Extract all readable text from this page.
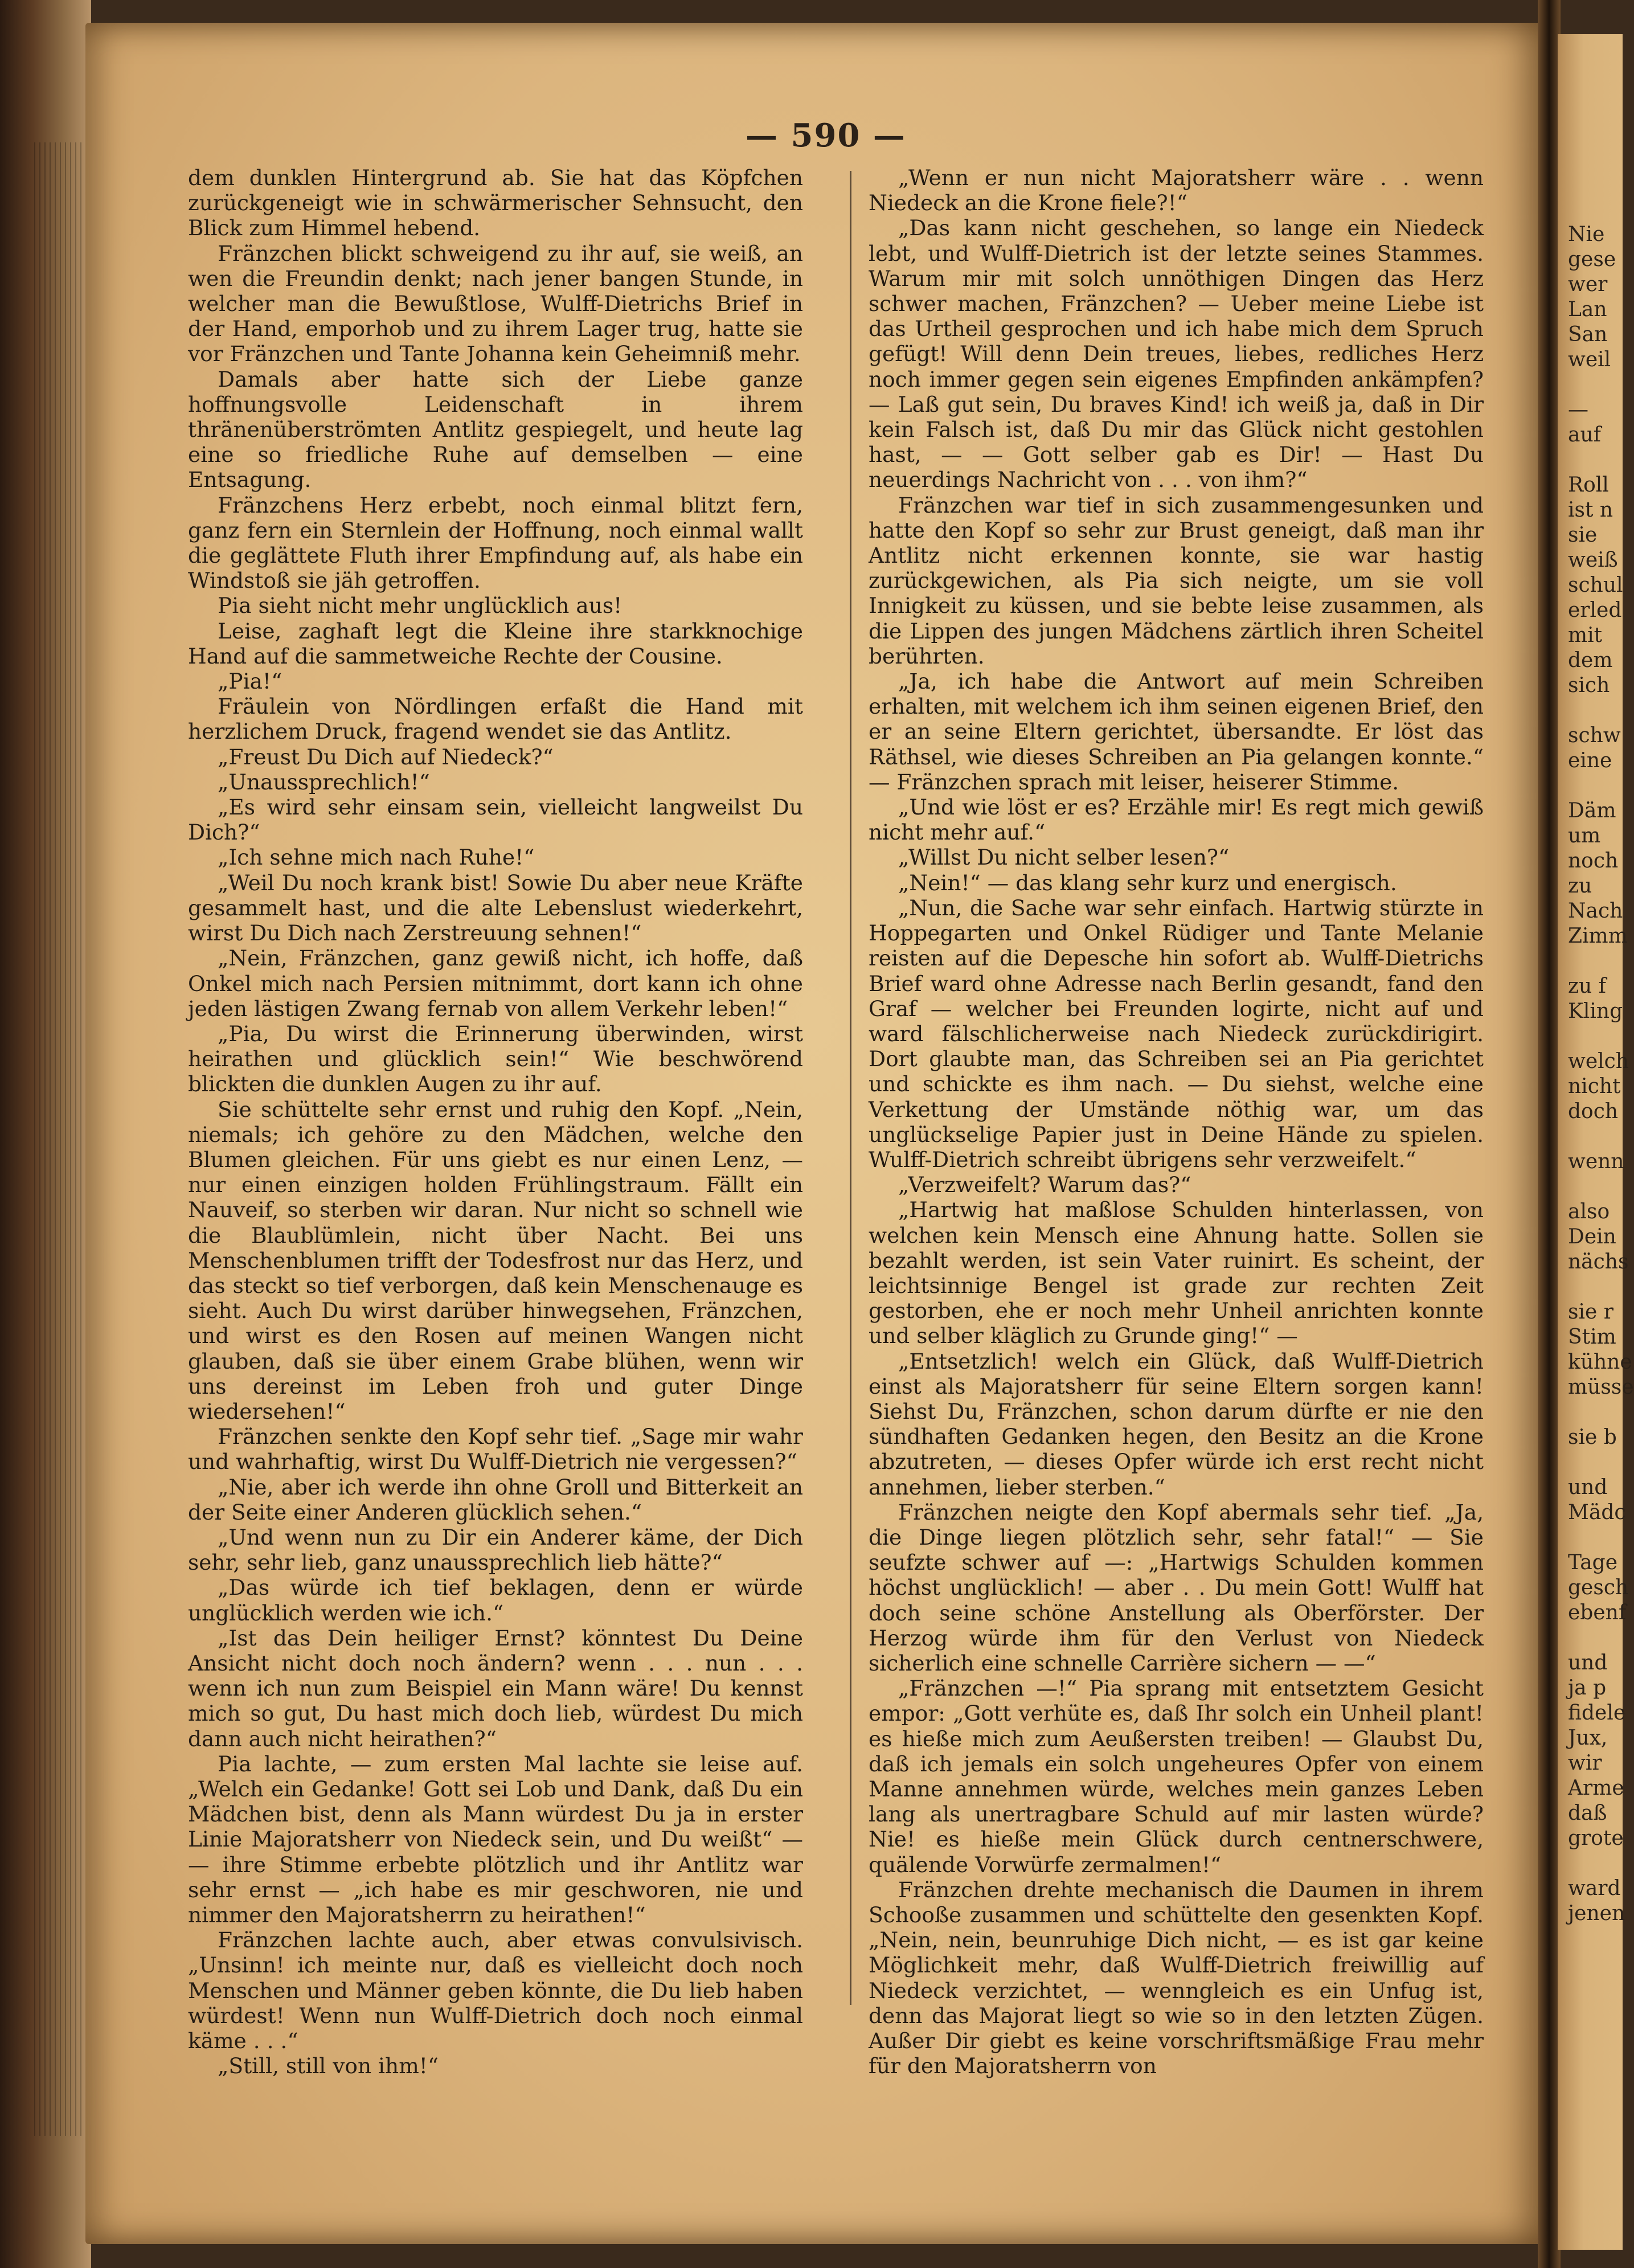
— 590 —

dem dunklen Hintergrund ab. Sie hat das Köpfchen zurückgeneigt wie in schwärmerischer Sehnsucht, den Blick zum Himmel hebend.

Fränzchen blickt schweigend zu ihr auf, sie weiß, an wen die Freundin denkt; nach jener bangen Stunde, in welcher man die Bewußtlose, Wulff-Dietrichs Brief in der Hand, emporhob und zu ihrem Lager trug, hatte sie vor Fränzchen und Tante Johanna kein Geheimniß mehr.

Damals aber hatte sich der Liebe ganze hoffnungsvolle Leidenschaft in ihrem thränenüberströmten Antlitz gespiegelt, und heute lag eine so friedliche Ruhe auf demselben — eine Entsagung.

Fränzchens Herz erbebt, noch einmal blitzt fern, ganz fern ein Sternlein der Hoffnung, noch einmal wallt die geglättete Fluth ihrer Empfindung auf, als habe ein Windstoß sie jäh getroffen.

Pia sieht nicht mehr unglücklich aus!

Leise, zaghaft legt die Kleine ihre starkknochige Hand auf die sammetweiche Rechte der Cousine.

„Pia!“

Fräulein von Nördlingen erfaßt die Hand mit herzlichem Druck, fragend wendet sie das Antlitz.

„Freust Du Dich auf Niedeck?“

„Unaussprechlich!“

„Es wird sehr einsam sein, vielleicht langweilst Du Dich?“

„Ich sehne mich nach Ruhe!“

„Weil Du noch krank bist! Sowie Du aber neue Kräfte gesammelt hast, und die alte Lebenslust wiederkehrt, wirst Du Dich nach Zerstreuung sehnen!“

„Nein, Fränzchen, ganz gewiß nicht, ich hoffe, daß Onkel mich nach Persien mitnimmt, dort kann ich ohne jeden lästigen Zwang fernab von allem Verkehr leben!“

„Pia, Du wirst die Erinnerung überwinden, wirst heirathen und glücklich sein!“ Wie beschwörend blickten die dunklen Augen zu ihr auf.

Sie schüttelte sehr ernst und ruhig den Kopf. „Nein, niemals; ich gehöre zu den Mädchen, welche den Blumen gleichen. Für uns giebt es nur einen Lenz, — nur einen einzigen holden Frühlingstraum. Fällt ein Nauveif, so sterben wir daran. Nur nicht so schnell wie die Blaublümlein, nicht über Nacht. Bei uns Menschenblumen trifft der Todesfrost nur das Herz, und das steckt so tief verborgen, daß kein Menschenauge es sieht. Auch Du wirst darüber hinwegsehen, Fränzchen, und wirst es den Rosen auf meinen Wangen nicht glauben, daß sie über einem Grabe blühen, wenn wir uns dereinst im Leben froh und guter Dinge wiedersehen!“

Fränzchen senkte den Kopf sehr tief. „Sage mir wahr und wahrhaftig, wirst Du Wulff-Dietrich nie vergessen?“

„Nie, aber ich werde ihn ohne Groll und Bitterkeit an der Seite einer Anderen glücklich sehen.“

„Und wenn nun zu Dir ein Anderer käme, der Dich sehr, sehr lieb, ganz unaussprechlich lieb hätte?“

„Das würde ich tief beklagen, denn er würde unglücklich werden wie ich.“

„Ist das Dein heiliger Ernst? könntest Du Deine Ansicht nicht doch noch ändern? wenn . . . nun . . . wenn ich nun zum Beispiel ein Mann wäre! Du kennst mich so gut, Du hast mich doch lieb, würdest Du mich dann auch nicht heirathen?“

Pia lachte, — zum ersten Mal lachte sie leise auf. „Welch ein Gedanke! Gott sei Lob und Dank, daß Du ein Mädchen bist, denn als Mann würdest Du ja in erster Linie Majoratsherr von Niedeck sein, und Du weißt“ — — ihre Stimme erbebte plötzlich und ihr Antlitz war sehr ernst — „ich habe es mir geschworen, nie und nimmer den Majoratsherrn zu heirathen!“

Fränzchen lachte auch, aber etwas convulsivisch. „Unsinn! ich meinte nur, daß es vielleicht doch noch Menschen und Männer geben könnte, die Du lieb haben würdest! Wenn nun Wulff-Dietrich doch noch einmal käme . . .“

„Still, still von ihm!“

„Wenn er nun nicht Majoratsherr wäre . . wenn Niedeck an die Krone fiele?!“

„Das kann nicht geschehen, so lange ein Niedeck lebt, und Wulff-Dietrich ist der letzte seines Stammes. Warum mir mit solch unnöthigen Dingen das Herz schwer machen, Fränzchen? — Ueber meine Liebe ist das Urtheil gesprochen und ich habe mich dem Spruch gefügt! Will denn Dein treues, liebes, redliches Herz noch immer gegen sein eigenes Empfinden ankämpfen? — Laß gut sein, Du braves Kind! ich weiß ja, daß in Dir kein Falsch ist, daß Du mir das Glück nicht gestohlen hast, — — Gott selber gab es Dir! — Hast Du neuerdings Nachricht von . . . von ihm?“

Fränzchen war tief in sich zusammengesunken und hatte den Kopf so sehr zur Brust geneigt, daß man ihr Antlitz nicht erkennen konnte, sie war hastig zurückgewichen, als Pia sich neigte, um sie voll Innigkeit zu küssen, und sie bebte leise zusammen, als die Lippen des jungen Mädchens zärtlich ihren Scheitel berührten.

„Ja, ich habe die Antwort auf mein Schreiben erhalten, mit welchem ich ihm seinen eigenen Brief, den er an seine Eltern gerichtet, übersandte. Er löst das Räthsel, wie dieses Schreiben an Pia gelangen konnte.“ — Fränzchen sprach mit leiser, heiserer Stimme.

„Und wie löst er es? Erzähle mir! Es regt mich gewiß nicht mehr auf.“

„Willst Du nicht selber lesen?“

„Nein!“ — das klang sehr kurz und energisch.

„Nun, die Sache war sehr einfach. Hartwig stürzte in Hoppegarten und Onkel Rüdiger und Tante Melanie reisten auf die Depesche hin sofort ab. Wulff-Dietrichs Brief ward ohne Adresse nach Berlin gesandt, fand den Graf — welcher bei Freunden logirte, nicht auf und ward fälschlicherweise nach Niedeck zurückdirigirt. Dort glaubte man, das Schreiben sei an Pia gerichtet und schickte es ihm nach. — Du siehst, welche eine Verkettung der Umstände nöthig war, um das unglückselige Papier just in Deine Hände zu spielen. Wulff-Dietrich schreibt übrigens sehr verzweifelt.“

„Verzweifelt? Warum das?“

„Hartwig hat maßlose Schulden hinterlassen, von welchen kein Mensch eine Ahnung hatte. Sollen sie bezahlt werden, ist sein Vater ruinirt. Es scheint, der leichtsinnige Bengel ist grade zur rechten Zeit gestorben, ehe er noch mehr Unheil anrichten konnte und selber kläglich zu Grunde ging!“ —

„Entsetzlich! welch ein Glück, daß Wulff-Dietrich einst als Majoratsherr für seine Eltern sorgen kann! Siehst Du, Fränzchen, schon darum dürfte er nie den sündhaften Gedanken hegen, den Besitz an die Krone abzutreten, — dieses Opfer würde ich erst recht nicht annehmen, lieber sterben.“

Fränzchen neigte den Kopf abermals sehr tief. „Ja, die Dinge liegen plötzlich sehr, sehr fatal!“ — Sie seufzte schwer auf —: „Hartwigs Schulden kommen höchst unglücklich! — aber . . Du mein Gott! Wulff hat doch seine schöne Anstellung als Oberförster. Der Herzog würde ihm für den Verlust von Niedeck sicherlich eine schnelle Carrière sichern — —“

„Fränzchen —!“ Pia sprang mit entsetztem Gesicht empor: „Gott verhüte es, daß Ihr solch ein Unheil plant! es hieße mich zum Aeußersten treiben! — Glaubst Du, daß ich jemals ein solch ungeheures Opfer von einem Manne annehmen würde, welches mein ganzes Leben lang als unertragbare Schuld auf mir lasten würde? Nie! es hieße mein Glück durch centnerschwere, quälende Vorwürfe zermalmen!“

Fränzchen drehte mechanisch die Daumen in ihrem Schooße zusammen und schüttelte den gesenkten Kopf. „Nein, nein, beunruhige Dich nicht, — es ist gar keine Möglichkeit mehr, daß Wulff-Dietrich freiwillig auf Niedeck verzichtet, — wenngleich es ein Unfug ist, denn das Majorat liegt so wie so in den letzten Zügen. Außer Dir giebt es keine vorschriftsmäßige Frau mehr für den Majoratsherrn von

Nie
gese
wer
Lan
San
weil
—
auf
Roll
ist n
sie
weiß
schul
erled
mit
dem
sich
schw
eine
Däm
um
noch
zu
Nach
Zimm
zu f
Kling
welch
nicht
doch
wenn
also
Dein
nächs
sie r
Stim
kühne
müsse
sie b
und
Mädc
Tage
gesch
ebenf
und
ja p
fidele
Jux,
wir
Arme
daß
grote
ward
jenen
